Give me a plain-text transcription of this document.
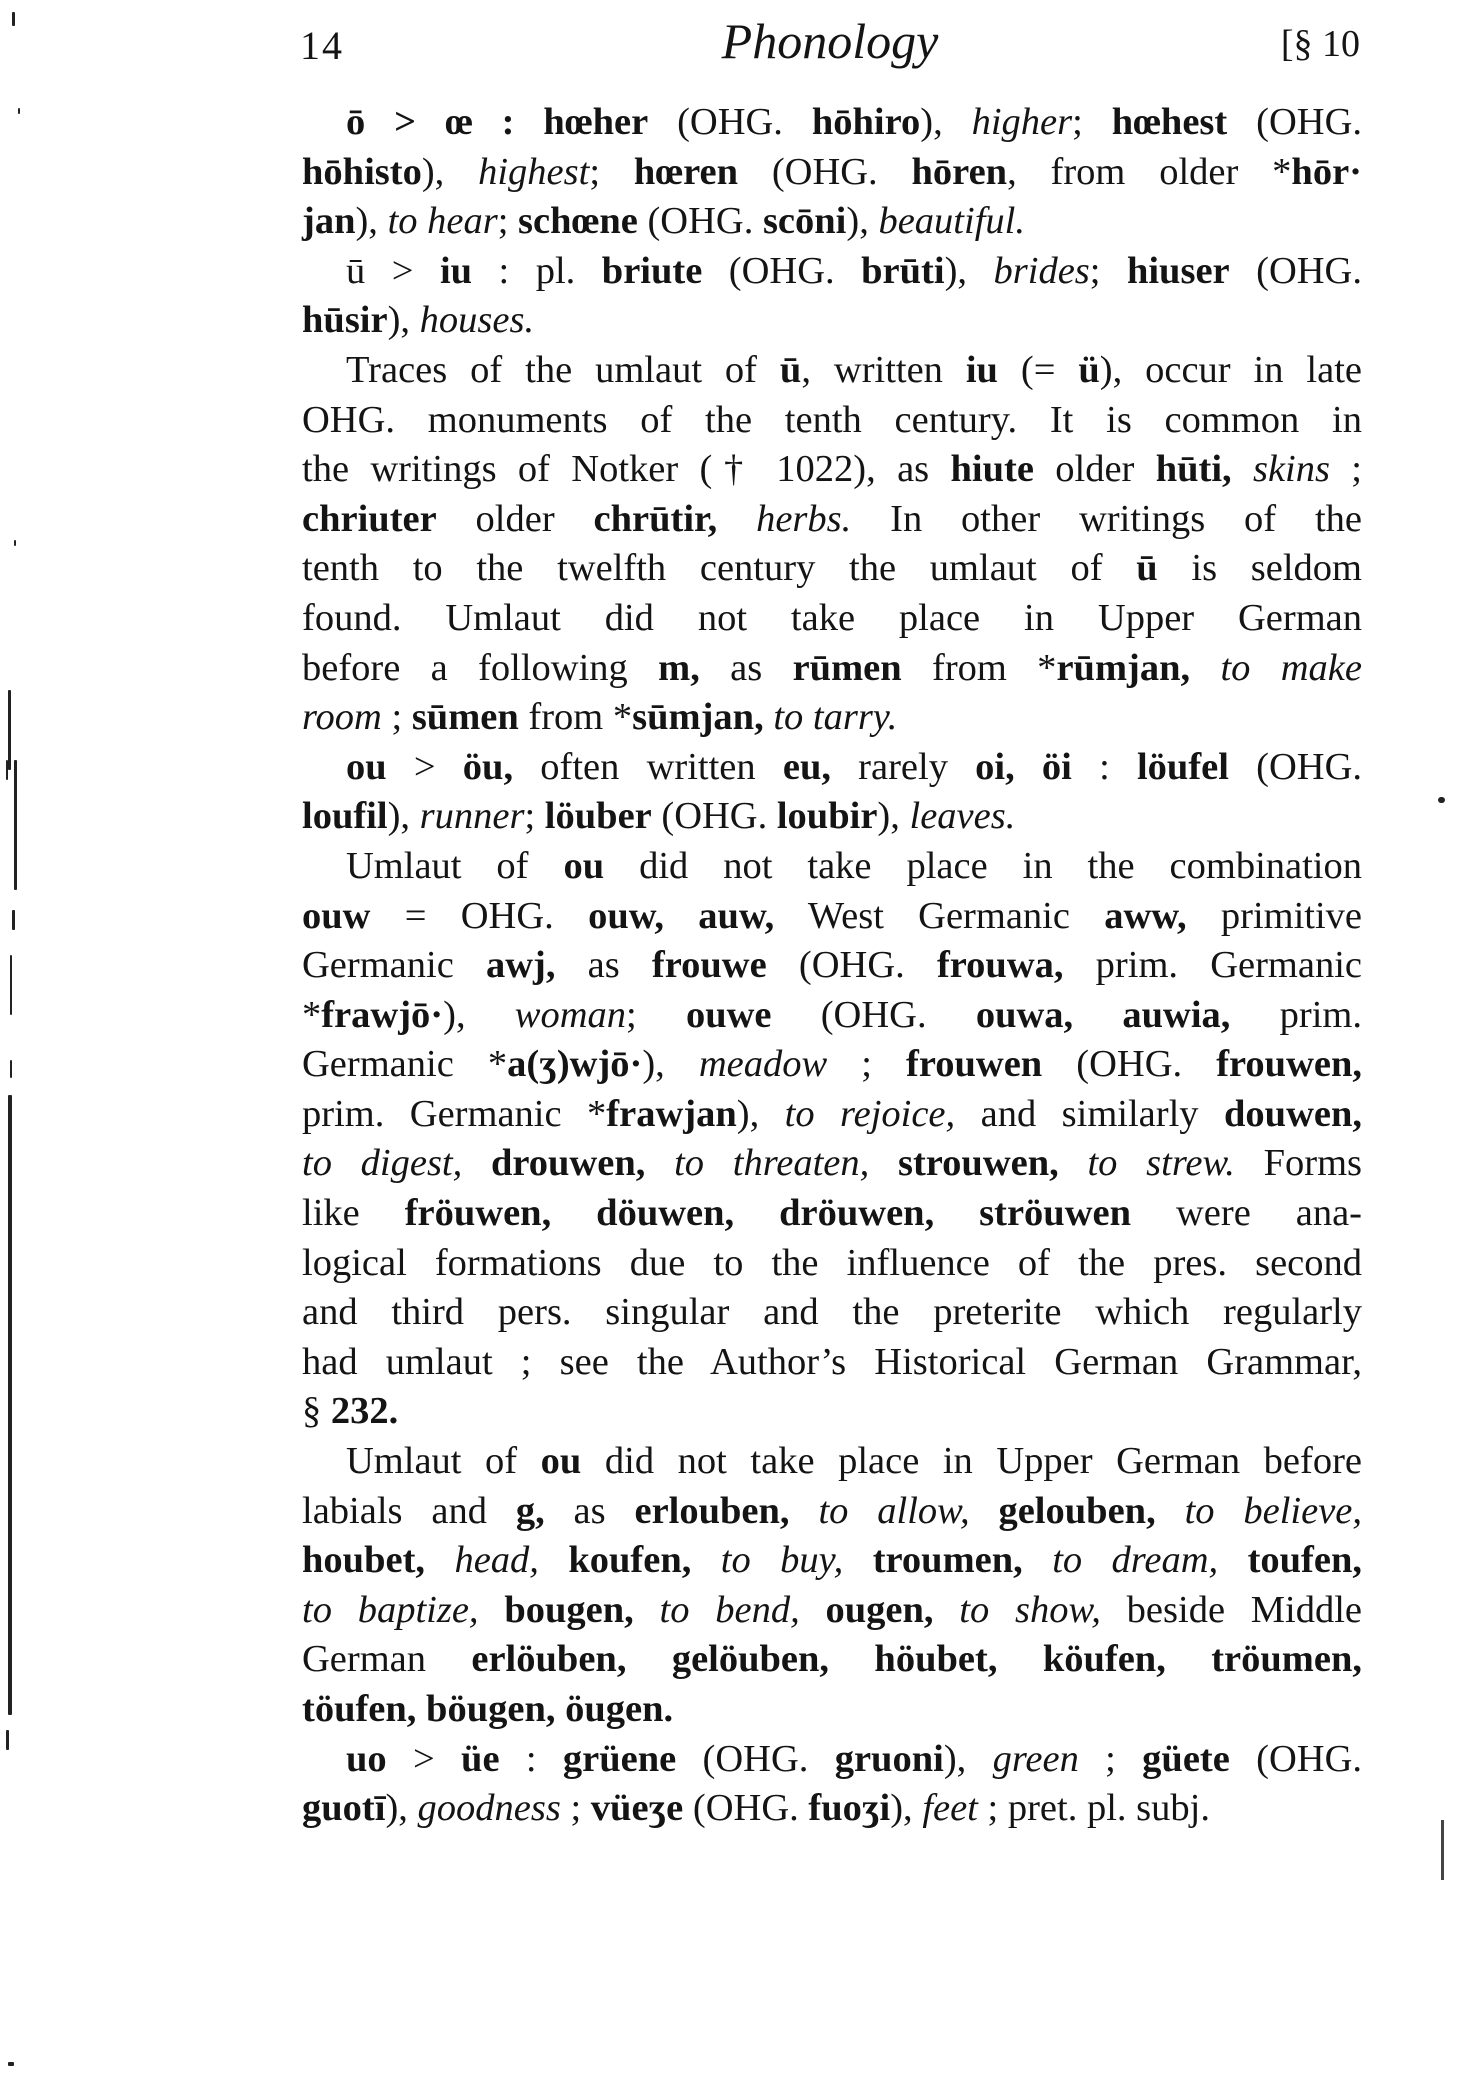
14	Phonology	[§ 10

ō > œ : hœher (OHG. hōhiro), higher; hœhest (OHG.
hōhisto), highest; hœren (OHG. hōren, from older *hōr·
jan), to hear; schœne (OHG. scōni), beautiful.

ū > iu : pl. briute (OHG. brūti), brides; hiuser (OHG.
hūsir), houses.

Traces of the umlaut of ū, written iu (= ü), occur in late
OHG. monuments of the tenth century. It is common in
the writings of Notker († 1022), as hiute older hūti, skins ;
chriuter older chrūtir, herbs. In other writings of the
tenth to the twelfth century the umlaut of ū is seldom
found. Umlaut did not take place in Upper German
before a following m, as rūmen from *rūmjan, to make
room ; sūmen from *sūmjan, to tarry.

ou > öu, often written eu, rarely oi, öi : löufel (OHG.
loufil), runner; löuber (OHG. loubir), leaves.

Umlaut of ou did not take place in the combination
ouw = OHG. ouw, auw, West Germanic aww, primitive
Germanic awj, as frouwe (OHG. frouwa, prim. Germanic
*frawjō·), woman; ouwe (OHG. ouwa, auwia, prim.
Germanic *a(ʒ)wjō·), meadow ; frouwen (OHG. frouwen,
prim. Germanic *frawjan), to rejoice, and similarly douwen,
to digest, drouwen, to threaten, strouwen, to strew. Forms
like fröuwen, döuwen, dröuwen, ströuwen were ana-
logical formations due to the influence of the pres. second
and third pers. singular and the preterite which regularly
had umlaut ; see the Author’s Historical German Grammar,
§ 232.

Umlaut of ou did not take place in Upper German before
labials and g, as erlouben, to allow, gelouben, to believe,
houbet, head, koufen, to buy, troumen, to dream, toufen,
to baptize, bougen, to bend, ougen, to show, beside Middle
German erlöuben, gelöuben, höubet, köufen, tröumen,
töufen, böugen, öugen.

uo > üe : grüene (OHG. gruoni), green ; güete (OHG.
guotī), goodness ; vüeʒe (OHG. fuoʒi), feet ; pret. pl. subj.
